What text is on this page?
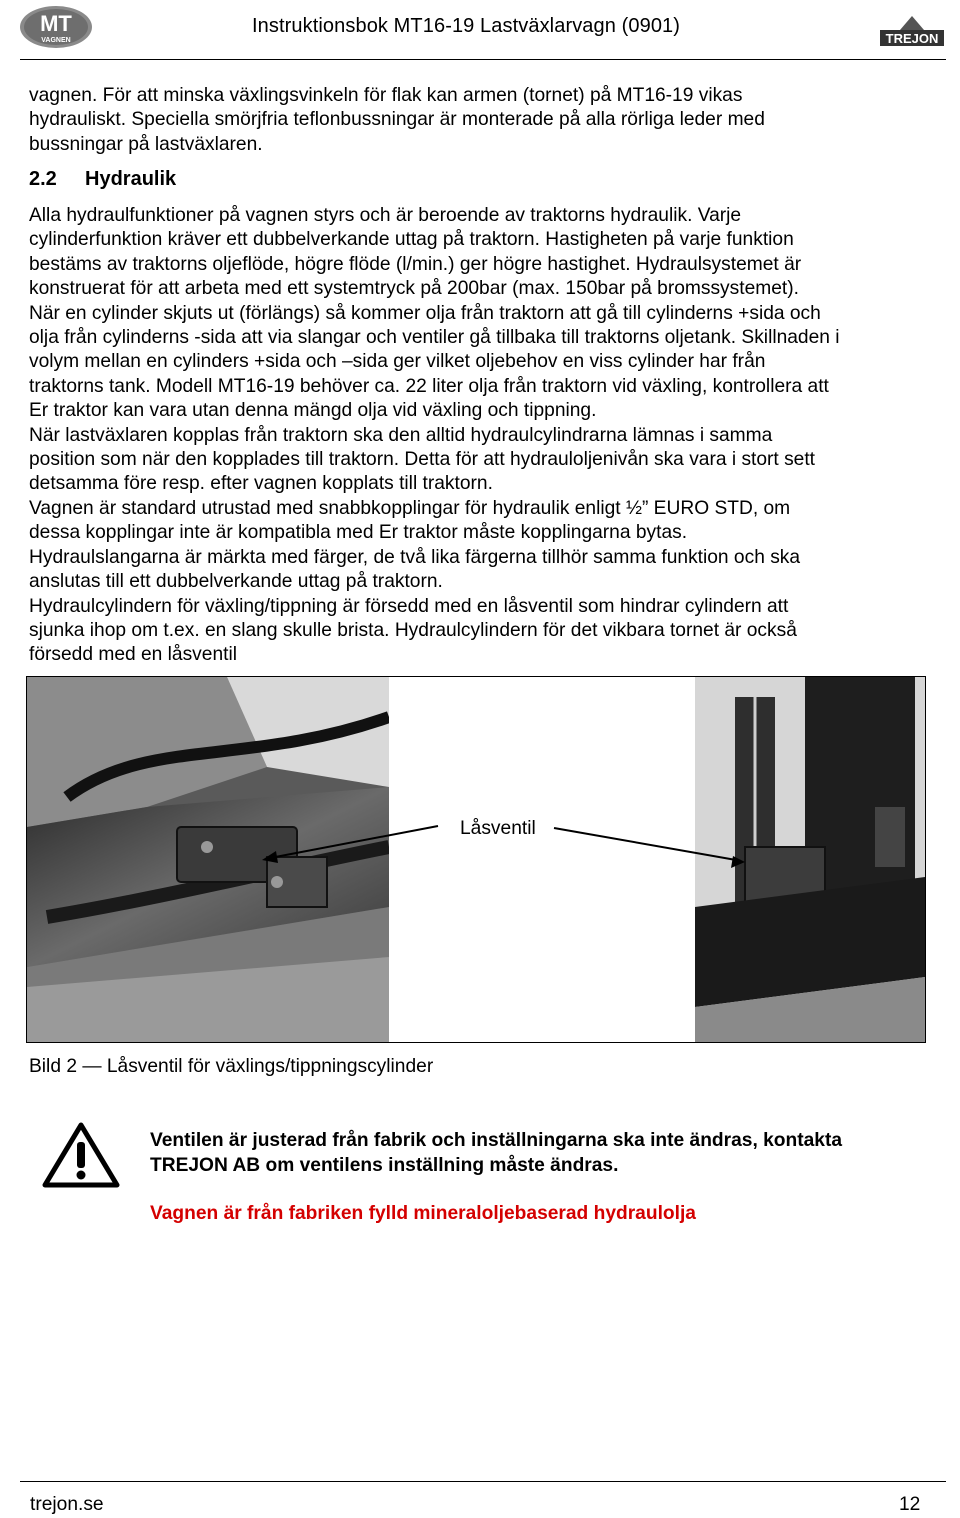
MT
VAGNEN
Instruktionsbok MT16-19 Lastväxlarvagn (0901)
TREJON
vagnen. För att minska växlingsvinkeln för flak kan armen (tornet) på MT16-19 vikas
hydrauliskt. Speciella smörjfria teflonbussningar är monterade på alla rörliga leder med
bussningar på lastväxlaren.
2.2 Hydraulik
Alla hydraulfunktioner på vagnen styrs och är beroende av traktorns hydraulik. Varje
cylinderfunktion kräver ett dubbelverkande uttag på traktorn. Hastigheten på varje funktion
bestäms av traktorns oljeflöde, högre flöde (l/min.) ger högre hastighet. Hydraulsystemet är
konstruerat för att arbeta med ett systemtryck på 200bar (max. 150bar på bromssystemet).
När en cylinder skjuts ut (förlängs) så kommer olja från traktorn att gå till cylinderns +sida och
olja från cylinderns -sida att via slangar och ventiler gå tillbaka till traktorns oljetank. Skillnaden i
volym mellan en cylinders +sida och –sida ger vilket oljebehov en viss cylinder har från
traktorns tank. Modell MT16-19 behöver ca. 22 liter olja från traktorn vid växling, kontrollera att
Er traktor kan vara utan denna mängd olja vid växling och tippning.
När lastväxlaren kopplas från traktorn ska den alltid hydraulcylindrarna lämnas i samma
position som när den kopplades till traktorn. Detta för att hydrauloljenivån ska vara i stort sett
detsamma före resp. efter vagnen kopplats till traktorn.
Vagnen är standard utrustad med snabbkopplingar för hydraulik enligt ½” EURO STD, om
dessa kopplingar inte är kompatibla med Er traktor måste kopplingarna bytas.
Hydraulslangarna är märkta med färger, de två lika färgerna tillhör samma funktion och ska
anslutas till ett dubbelverkande uttag på traktorn.
Hydraulcylindern för växling/tippning är försedd med en låsventil som hindrar cylindern att
sjunka ihop om t.ex. en slang skulle brista. Hydraulcylindern för det vikbara tornet är också
försedd med en låsventil
Låsventil
Bild 2 — Låsventil för växlings/tippningscylinder
Ventilen är justerad från fabrik och inställningarna ska inte ändras, kontakta
TREJON AB om ventilens inställning måste ändras.
Vagnen är från fabriken fylld mineraloljebaserad hydraulolja
trejon.se	12
